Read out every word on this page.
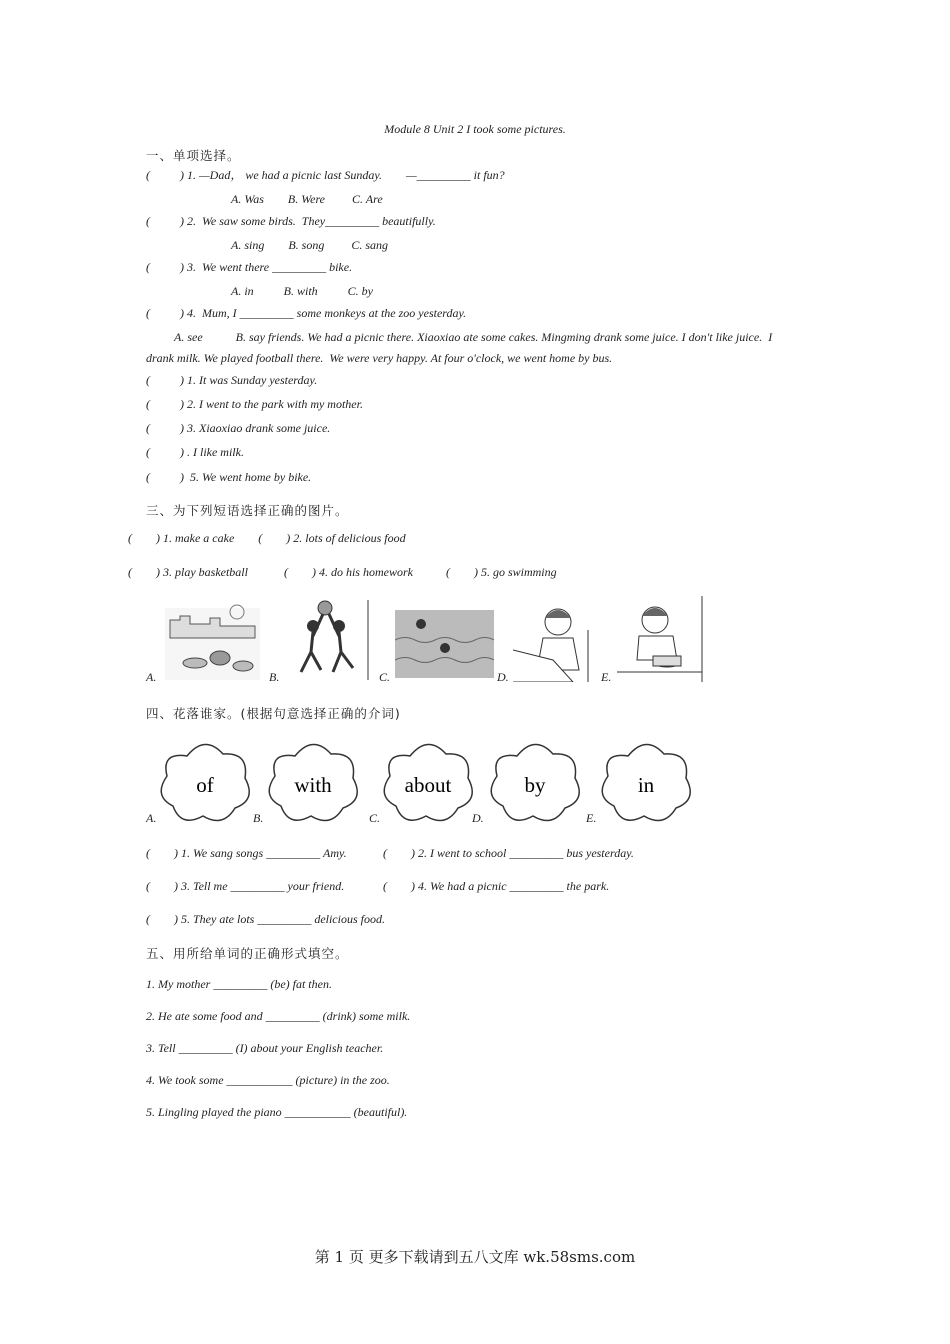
Module 8 Unit 2 I took some pictures.
一、单项选择。
(          ) 1. —Dad， we had a picnic last Sunday.        —_________ it fun?
A. Was        B. Were         C. Are
(          ) 2.  We saw some birds.  They_________ beautifully.
A. sing        B. song         C. sang
(          ) 3.  We went there _________ bike.
A. in          B. with          C. by
(          ) 4.  Mum, I _________ some monkeys at the zoo yesterday.
A. see           B. say friends. We had a picnic there. Xiaoxiao ate some cakes. Mingming drank some juice. I don't like juice.  I
drank milk. We played football there.  We were very happy. At four o'clock, we went home by bus.
(          ) 1. It was Sunday yesterday.
(          ) 2. I went to the park with my mother.
(          ) 3. Xiaoxiao drank some juice.
(          ) . I like milk.
(          )  5. We went home by bike.
三、为下列短语选择正确的图片。
(        ) 1. make a cake        (        ) 2. lots of delicious food
(        ) 3. play basketball            (        ) 4. do his homework           (        ) 5. go swimming
A.	B.	C.	D.	E.
四、花落谁家。(根据句意选择正确的介词)
of	with	about	by	in
A.	B.	C.	D.	E.
(        ) 1. We sang songs _________ Amy.	(        ) 2. I went to school _________ bus yesterday.
(        ) 3. Tell me _________ your friend.	(        ) 4. We had a picnic _________ the park.
(        ) 5. They ate lots _________ delicious food.
五、用所给单词的正确形式填空。
1. My mother _________ (be) fat then.
2. He ate some food and _________ (drink) some milk.
3. Tell _________ (I) about your English teacher.
4. We took some ___________ (picture) in the zoo.
5. Lingling played the piano ___________ (beautiful).
第 1 页 更多下载请到五八文库 wk.58sms.com
